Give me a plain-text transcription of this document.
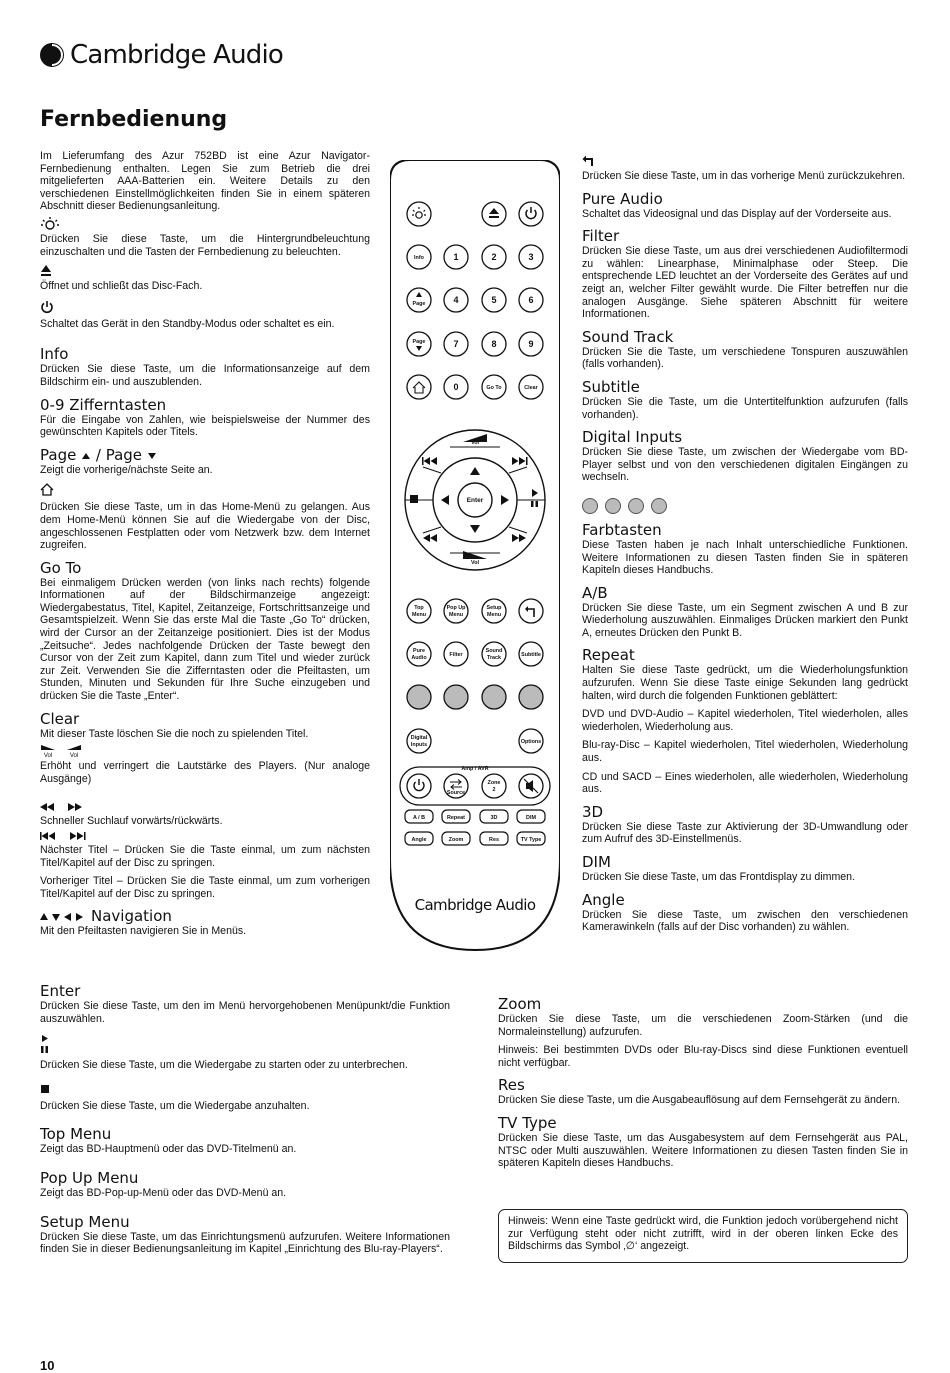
Cambridge Audio
Fernbedienung

Im Lieferumfang des Azur 752BD ist eine Azur Navigator-Fernbedienung enthalten. Legen Sie zum Betrieb die drei mitgelieferten AAA-Batterien ein. Weitere Details zu den verschiedenen Einstellmöglichkeiten finden Sie in einem späteren Abschnitt dieser Bedienungsanleitung.

Drücken Sie diese Taste, um die Hintergrundbeleuchtung einzuschalten und die Tasten der Fernbedienung zu beleuchten.

Öffnet und schließt das Disc-Fach.

Schaltet das Gerät in den Standby-Modus oder schaltet es ein.

Info

Drücken Sie diese Taste, um die Informationsanzeige auf dem Bildschirm ein- und auszublenden.

0-9 Zifferntasten

Für die Eingabe von Zahlen, wie beispielsweise der Nummer des gewünschten Kapitels oder Titels.

Page / Page

Zeigt die vorherige/nächste Seite an.

Drücken Sie diese Taste, um in das Home-Menü zu gelangen. Aus dem Home-Menü können Sie auf die Wiedergabe von der Disc, angeschlossenen Festplatten oder vom Netzwerk bzw. dem Internet zugreifen.

Go To

Bei einmaligem Drücken werden (von links nach rechts) folgende Informationen auf der Bildschirmanzeige angezeigt: Wiedergabestatus, Titel, Kapitel, Zeitanzeige, Fortschrittsanzeige und Gesamtspielzeit. Wenn Sie das erste Mal die Taste „Go To“ drücken, wird der Cursor an der Zeitanzeige positioniert. Dies ist der Modus „Zeitsuche“. Jedes nachfolgende Drücken der Taste bewegt den Cursor von der Zeit zum Kapitel, dann zum Titel und wieder zurück zur Zeit. Verwenden Sie die Zifferntasten oder die Pfeiltasten, um Stunden, Minuten und Sekunden für Ihre Suche einzugeben und drücken Sie die Taste „Enter“.

Clear

Mit dieser Taste löschen Sie die noch zu spielenden Titel.

Vol	Vol

Erhöht und verringert die Lautstärke des Players. (Nur analoge Ausgänge)

Schneller Suchlauf vorwärts/rückwärts.

Nächster Titel – Drücken Sie die Taste einmal, um zum nächsten Titel/Kapitel auf der Disc zu springen.

Vorheriger Titel – Drücken Sie die Taste einmal, um zum vorherigen Titel/Kapitel auf der Disc zu springen.

Navigation

Mit den Pfeiltasten navigieren Sie in Menüs.

Enter

Drücken Sie diese Taste, um den im Menü hervorgehobenen Menüpunkt/die Funktion auszuwählen.

Drücken Sie diese Taste, um die Wiedergabe zu starten oder zu unterbrechen.

Drücken Sie diese Taste, um die Wiedergabe anzuhalten.

Top Menu

Zeigt das BD-Hauptmenü oder das DVD-Titelmenü an.

Pop Up Menu

Zeigt das BD-Pop-up-Menü oder das DVD-Menü an.

Setup Menu

Drücken Sie diese Taste, um das Einrichtungsmenü aufzurufen. Weitere Informationen finden Sie in dieser Bedienungsanleitung im Kapitel „Einrichtung des Blu-ray-Players“.

Drücken Sie diese Taste, um in das vorherige Menü zurückzukehren.

Pure Audio

Schaltet das Videosignal und das Display auf der Vorderseite aus.

Filter

Drücken Sie diese Taste, um aus drei verschiedenen Audiofiltermodi zu wählen: Linearphase, Minimalphase oder Steep. Die entsprechende LED leuchtet an der Vorderseite des Gerätes auf und zeigt an, welcher Filter gewählt wurde. Die Filter betreffen nur die analogen Ausgänge. Siehe späteren Abschnitt für weitere Informationen.

Sound Track

Drücken Sie die Taste, um verschiedene Tonspuren auszuwählen (falls vorhanden).

Subtitle

Drücken Sie die Taste, um die Untertitelfunktion aufzurufen (falls vorhanden).

Digital Inputs

Drücken Sie diese Taste, um zwischen der Wiedergabe vom BD-Player selbst und von den verschiedenen digitalen Eingängen zu wechseln.

Farbtasten

Diese Tasten haben je nach Inhalt unterschiedliche Funktionen. Weitere Informationen zu diesen Tasten finden Sie in späteren Kapiteln dieses Handbuchs.

A/B

Drücken Sie diese Taste, um ein Segment zwischen A und B zur Wiederholung auszuwählen. Einmaliges Drücken markiert den Punkt A, erneutes Drücken den Punkt B.

Repeat

Halten Sie diese Taste gedrückt, um die Wiederholungsfunktion aufzurufen. Wenn Sie diese Taste einige Sekunden lang gedrückt halten, wird durch die folgenden Funktionen geblättert:

DVD und DVD-Audio – Kapitel wiederholen, Titel wiederholen, alles wiederholen, Wiederholung aus.

Blu-ray-Disc – Kapitel wiederholen, Titel wiederholen, Wiederholung aus.

CD und SACD – Eines wiederholen, alle wiederholen, Wiederholung aus.

3D

Drücken Sie diese Taste zur Aktivierung der 3D-Umwandlung oder zum Aufruf des 3D-Einstellmenüs.

DIM

Drücken Sie diese Taste, um das Frontdisplay zu dimmen.

Angle

Drücken Sie diese Taste, um zwischen den verschiedenen Kamerawinkeln (falls auf der Disc vorhanden) zu wählen.

Zoom

Drücken Sie diese Taste, um die verschiedenen Zoom-Stärken (und die Normaleinstellung) aufzurufen.

Hinweis: Bei bestimmten DVDs oder Blu-ray-Discs sind diese Funktionen eventuell nicht verfügbar.

Res

Drücken Sie diese Taste, um die Ausgabeauflösung auf dem Fernsehgerät zu ändern.

TV Type

Drücken Sie diese Taste, um das Ausgabesystem auf dem Fernsehgerät aus PAL, NTSC oder Multi auszuwählen. Weitere Informationen zu diesen Tasten finden Sie in späteren Kapiteln dieses Handbuchs.

Hinweis: Wenn eine Taste gedrückt wird, die Funktion jedoch vorübergehend nicht zur Verfügung steht oder nicht zutrifft, wird in der oberen linken Ecke des Bildschirms das Symbol ‚∅‘ angezeigt.
Info	1	2	3
Page	4	5	6
Page	7	8	9
0	Go To	Clear
Vol
Vol
Enter
Top
Menu
Pop Up
Menu
Setup
Menu
Pure
Audio	Filter
Sound
Track	Subtitle
Digital
Inputs	Options
Amp / AVR
Source
Zone
2
A / B	Repeat	3D	DIM
Angle	Zoom	Res	TV Type
Cambridge Audio
10
